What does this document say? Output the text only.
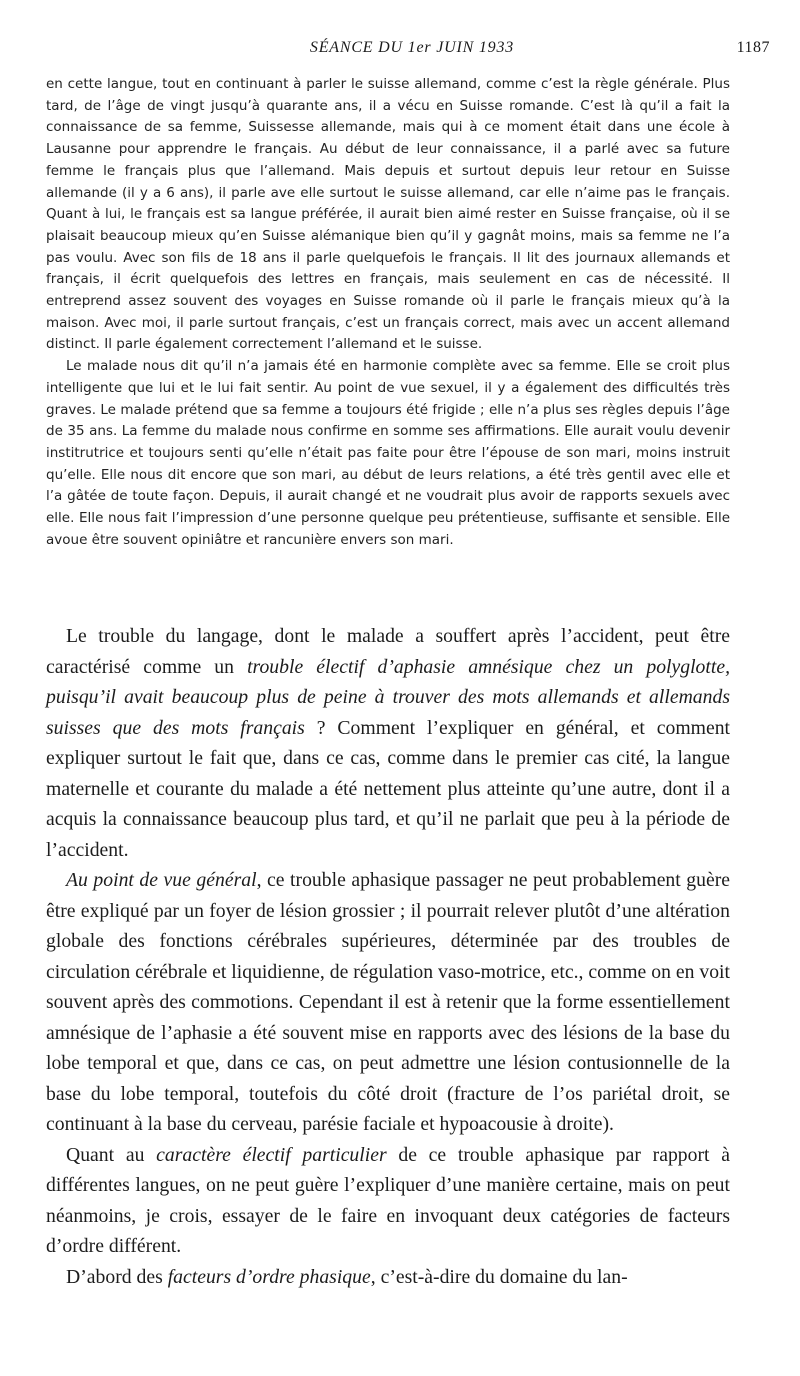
SÉANCE DU 1er JUIN 1933	1187

en cette langue, tout en continuant à parler le suisse allemand, comme c’est la règle générale. Plus tard, de l’âge de vingt jusqu’à quarante ans, il a vécu en Suisse romande. C’est là qu’il a fait la connaissance de sa femme, Suissesse allemande, mais qui à ce moment était dans une école à Lausanne pour apprendre le français. Au début de leur connaissance, il a parlé avec sa future femme le français plus que l’allemand. Mais depuis et surtout depuis leur retour en Suisse allemande (il y a 6 ans), il parle ave elle surtout le suisse allemand, car elle n’aime pas le français. Quant à lui, le français est sa langue préférée, il aurait bien aimé rester en Suisse française, où il se plaisait beaucoup mieux qu’en Suisse alémanique bien qu’il y gagnât moins, mais sa femme ne l’a pas voulu. Avec son fils de 18 ans il parle quelquefois le français. Il lit des journaux allemands et français, il écrit quelquefois des lettres en français, mais seulement en cas de nécessité. Il entreprend assez souvent des voyages en Suisse romande où il parle le français mieux qu’à la maison. Avec moi, il parle surtout français, c’est un français correct, mais avec un accent allemand distinct. Il parle également correctement l’allemand et le suisse.

Le malade nous dit qu’il n’a jamais été en harmonie complète avec sa femme. Elle se croit plus intelligente que lui et le lui fait sentir. Au point de vue sexuel, il y a également des difficultés très graves. Le malade prétend que sa femme a toujours été frigide ; elle n’a plus ses règles depuis l’âge de 35 ans. La femme du malade nous confirme en somme ses affirmations. Elle aurait voulu devenir institrutrice et toujours senti qu’elle n’était pas faite pour être l’épouse de son mari, moins instruit qu’elle. Elle nous dit encore que son mari, au début de leurs relations, a été très gentil avec elle et l’a gâtée de toute façon. Depuis, il aurait changé et ne voudrait plus avoir de rapports sexuels avec elle. Elle nous fait l’impression d’une personne quelque peu prétentieuse, suffisante et sensible. Elle avoue être souvent opiniâtre et rancunière envers son mari.

Le trouble du langage, dont le malade a souffert après l’accident, peut être caractérisé comme un trouble électif d’aphasie amnésique chez un polyglotte, puisqu’il avait beaucoup plus de peine à trouver des mots allemands et allemands suisses que des mots français ? Comment l’expliquer en général, et comment expliquer surtout le fait que, dans ce cas, comme dans le premier cas cité, la langue maternelle et courante du malade a été nettement plus atteinte qu’une autre, dont il a acquis la connaissance beaucoup plus tard, et qu’il ne parlait que peu à la période de l’accident.

Au point de vue général, ce trouble aphasique passager ne peut probablement guère être expliqué par un foyer de lésion grossier ; il pourrait relever plutôt d’une altération globale des fonctions cérébrales supérieures, déterminée par des troubles de circulation cérébrale et liquidienne, de régulation vaso-motrice, etc., comme on en voit souvent après des commotions. Cependant il est à retenir que la forme essentiellement amnésique de l’aphasie a été souvent mise en rapports avec des lésions de la base du lobe temporal et que, dans ce cas, on peut admettre une lésion contusionnelle de la base du lobe temporal, toutefois du côté droit (fracture de l’os pariétal droit, se continuant à la base du cerveau, parésie faciale et hypoacousie à droite).

Quant au caractère électif particulier de ce trouble aphasique par rapport à différentes langues, on ne peut guère l’expliquer d’une manière certaine, mais on peut néanmoins, je crois, essayer de le faire en invoquant deux catégories de facteurs d’ordre différent.

D’abord des facteurs d’ordre phasique, c’est-à-dire du domaine du lan-
